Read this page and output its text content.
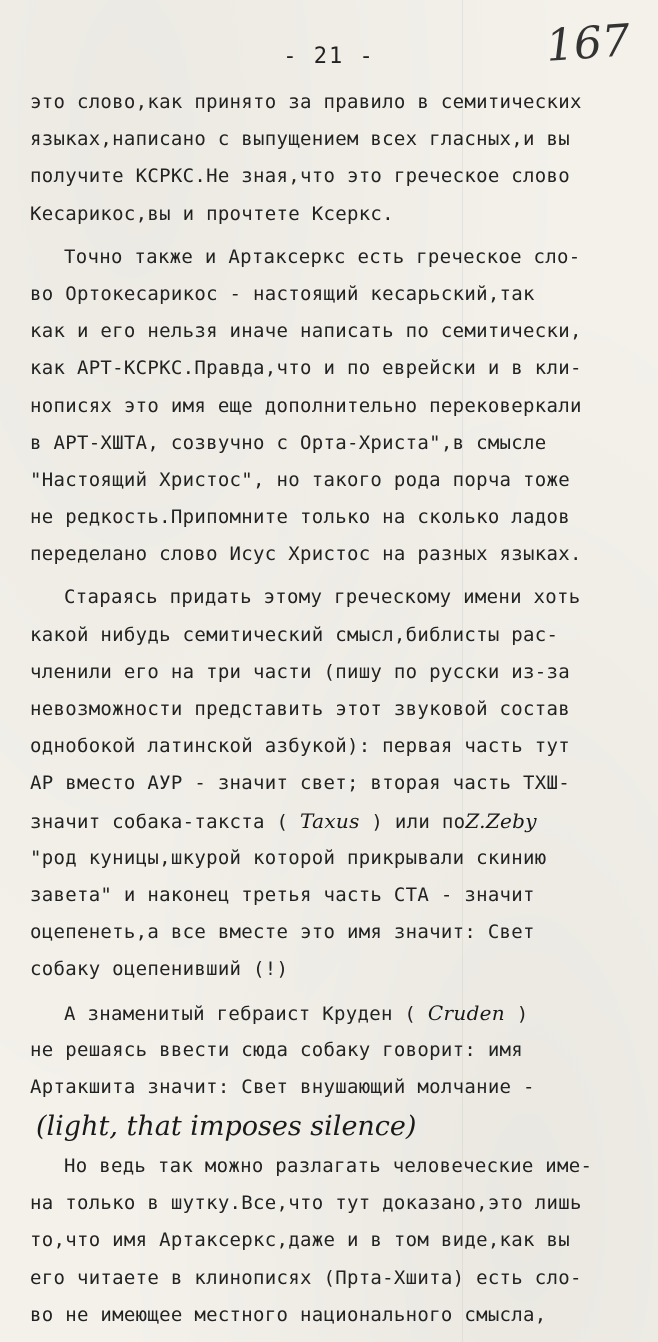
- 21 -	167
это слово,как принято за правило в семитических
языках,написано с выпущением всех гласных,и вы
получите КСРКС.Не зная,что это греческое слово
Кесарикос,вы и прочтете Ксеркс.
Точно также и Артаксеркс есть греческое сло-
во Ортокесарикос - настоящий кесарьский,так
как и его нельзя иначе написать по семитически,
как АРТ-КСРКС.Правда,что и по еврейски и в кли-
нописях это имя еще дополнительно перековеркали
в АРТ-ХШТА, созвучно с Орта-Христа",в смысле
"Настоящий Христос", но такого рода порча тоже
не редкость.Припомните только на сколько ладов
переделано слово Исус Христос на разных языках.
Стараясь придать этому греческому имени хоть
какой нибудь семитический смысл,библисты рас-
членили его на три части (пишу по русски из-за
невозможности представить этот звуковой состав
однобокой латинской азбукой): первая часть тут
АР вместо АУР - значит свет; вторая часть ТХШ-
значит собака-такста ( Taxus ) или поZ.Zeby
"род куницы,шкурой которой прикрывали скинию
завета" и наконец третья часть СТА - значит
оцепенеть,а все вместе это имя значит: Свет
собаку оцепенивший (!)
А знаменитый гебраист Круден ( Cruden )
не решаясь ввести сюда собаку говорит: имя
Артакшита значит: Свет внушающий молчание -
(light, that imposes silence)
Но ведь так можно разлагать человеческие име-
на только в шутку.Все,что тут доказано,это лишь
то,что имя Артаксеркс,даже и в том виде,как вы
его читаете в клинописях (Прта-Хшита) есть сло-
во не имеющее местного национального смысла,
